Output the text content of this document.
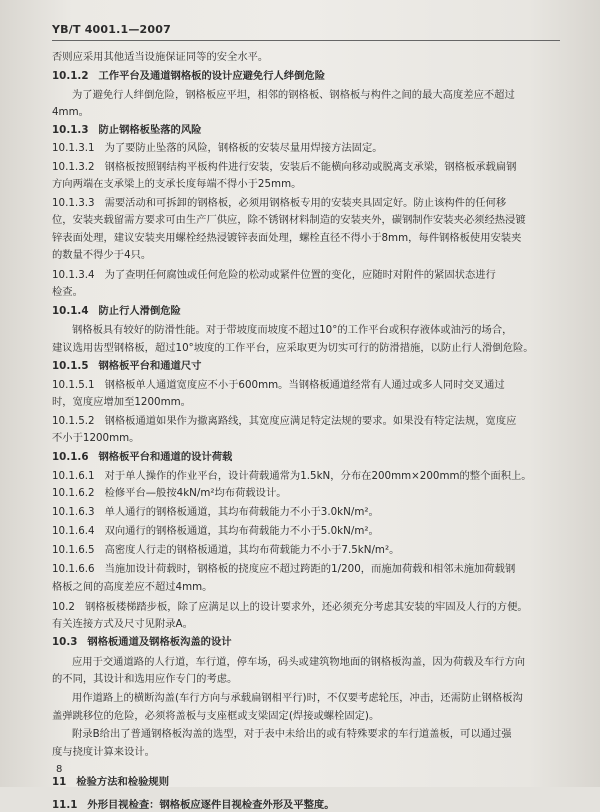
YB/T 4001.1—2007
否则应采用其他适当设施保证同等的安全水平。
10.1.2 工作平台及通道钢格板的设计应避免行人绊倒危险
为了避免行人绊倒危险，钢格板应平坦，相邻的钢格板、钢格板与构件之间的最大高度差应不超过
4mm。
10.1.3 防止钢格板坠落的风险
10.1.3.1 为了要防止坠落的风险，钢格板的安装尽量用焊接方法固定。
10.1.3.2 钢格板按照钢结构平板构件进行安装，安装后不能横向移动或脱离支承梁，钢格板承载扁钢
方向两端在支承梁上的支承长度每端不得小于25mm。
10.1.3.3 需要活动和可拆卸的钢格板，必须用钢格板专用的安装夹具固定好。防止该构件的任何移
位，安装夹载留需方要求可由生产厂供应，除不锈钢材料制造的安装夹外，碳钢制作安装夹必须经热浸镀
锌表面处理，建议安装夹用螺栓经热浸镀锌表面处理，螺栓直径不得小于8mm，每件钢格板使用安装夹
的数量不得少于4只。
10.1.3.4 为了查明任何腐蚀或任何危险的松动或紧件位置的变化，应随时对附件的紧固状态进行
检查。
10.1.4 防止行人滑倒危险
钢格板具有较好的防滑性能。对于带坡度而坡度不超过10°的工作平台或积存液体或油污的场合，
建议选用齿型钢格板，超过10°坡度的工作平台，应采取更为切实可行的防滑措施，以防止行人滑倒危险。
10.1.5 钢格板平台和通道尺寸
10.1.5.1 钢格板单人通道宽度应不小于600mm。当钢格板通道经常有人通过或多人同时交叉通过
时，宽度应增加至1200mm。
10.1.5.2 钢格板通道如果作为撤离路线，其宽度应满足特定法规的要求。如果没有特定法规，宽度应
不小于1200mm。
10.1.6 钢格板平台和通道的设计荷载
10.1.6.1 对于单人操作的作业平台，设计荷载通常为1.5kN，分布在200mm×200mm的整个面积上。
10.1.6.2 检修平台—般按4kN/m²均布荷载设计。
10.1.6.3 单人通行的钢格板通道，其均布荷载能力不小于3.0kN/m²。
10.1.6.4 双向通行的钢格板通道，其均布荷载能力不小于5.0kN/m²。
10.1.6.5 高密度人行走的钢格板通道，其均布荷载能力不小于7.5kN/m²。
10.1.6.6 当施加设计荷载时，钢格板的挠度应不超过跨距的1/200，而施加荷载和相邻未施加荷载钢
格板之间的高度差应不超过4mm。
10.2 钢格板楼梯踏步板，除了应满足以上的设计要求外，还必须充分考虑其安装的牢固及人行的方便。
有关连接方式及尺寸见附录A。
10.3 钢格板通道及钢格板沟盖的设计
应用于交通道路的人行道，车行道，停车场，码头或建筑物地面的钢格板沟盖，因为荷载及车行方向
的不同，其设计和选用应作专门的考虑。
用作道路上的横断沟盖(车行方向与承载扁钢相平行)时，不仅要考虑轮压，冲击，还需防止钢格板沟
盖弹跳移位的危险，必须将盖板与支座框或支梁固定(焊接或螺栓固定)。
附录B给出了普通钢格板沟盖的选型，对于表中未给出的或有特殊要求的车行道盖板，可以通过强
度与挠度计算来设计。
11 检验方法和检验规则
11.1 外形目视检查：钢格板应逐件目视检查外形及平整度。
8
